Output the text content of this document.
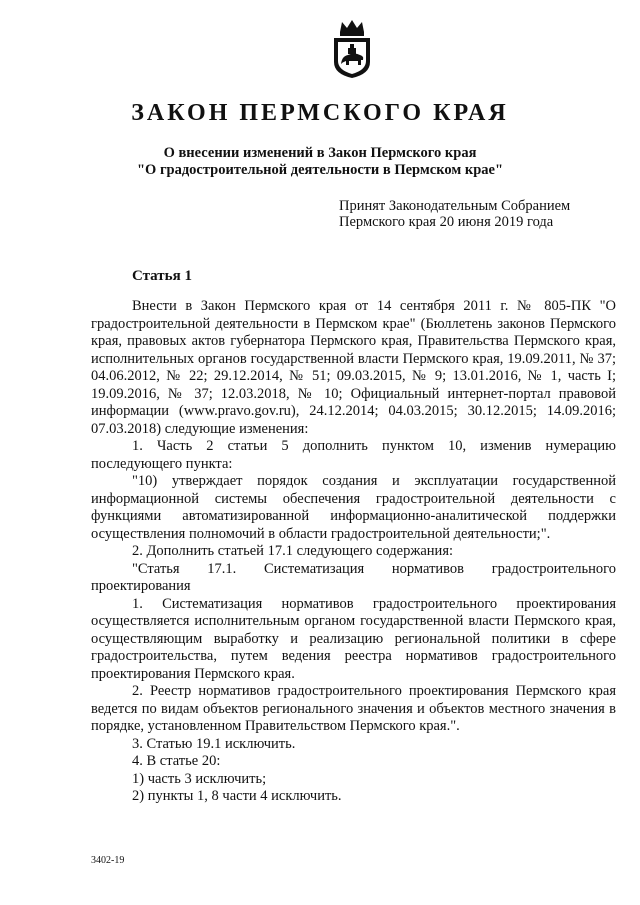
ЗАКОН ПЕРМСКОГО КРАЯ
О внесении изменений в Закон Пермского края
"О градостроительной деятельности в Пермском крае"
Принят Законодательным Собранием
Пермского края 20 июня 2019 года
Статья 1

Внести в Закон Пермского края от 14 сентября 2011 г. № 805-ПК "О градостроительной деятельности в Пермском крае" (Бюллетень законов Пермского края, правовых актов губернатора Пермского края, Правительства Пермского края, исполнительных органов государственной власти Пермского края, 19.09.2011, № 37; 04.06.2012, № 22; 29.12.2014, № 51; 09.03.2015, № 9; 13.01.2016, № 1, часть I; 19.09.2016, № 37; 12.03.2018, № 10; Официальный интернет-портал правовой информации (www.pravo.gov.ru), 24.12.2014; 04.03.2015; 30.12.2015; 14.09.2016; 07.03.2018) следующие изменения:

1. Часть 2 статьи 5 дополнить пунктом 10, изменив нумерацию последующего пункта:

"10) утверждает порядок создания и эксплуатации государственной информационной системы обеспечения градостроительной деятельности с функциями автоматизированной информационно-аналитической поддержки осуществления полномочий в области градостроительной деятельности;".

2. Дополнить статьей 17.1 следующего содержания:

"Статья 17.1. Систематизация нормативов градостроительного проектирования

1. Систематизация нормативов градостроительного проектирования осуществляется исполнительным органом государственной власти Пермского края, осуществляющим выработку и реализацию региональной политики в сфере градостроительства, путем ведения реестра нормативов градостроительного проектирования Пермского края.

2. Реестр нормативов градостроительного проектирования Пермского края ведется по видам объектов регионального значения и объектов местного значения в порядке, установленном Правительством Пермского края.".

3. Статью 19.1 исключить.

4. В статье 20:

1) часть 3 исключить;

2) пункты 1, 8 части 4 исключить.

3402-19
